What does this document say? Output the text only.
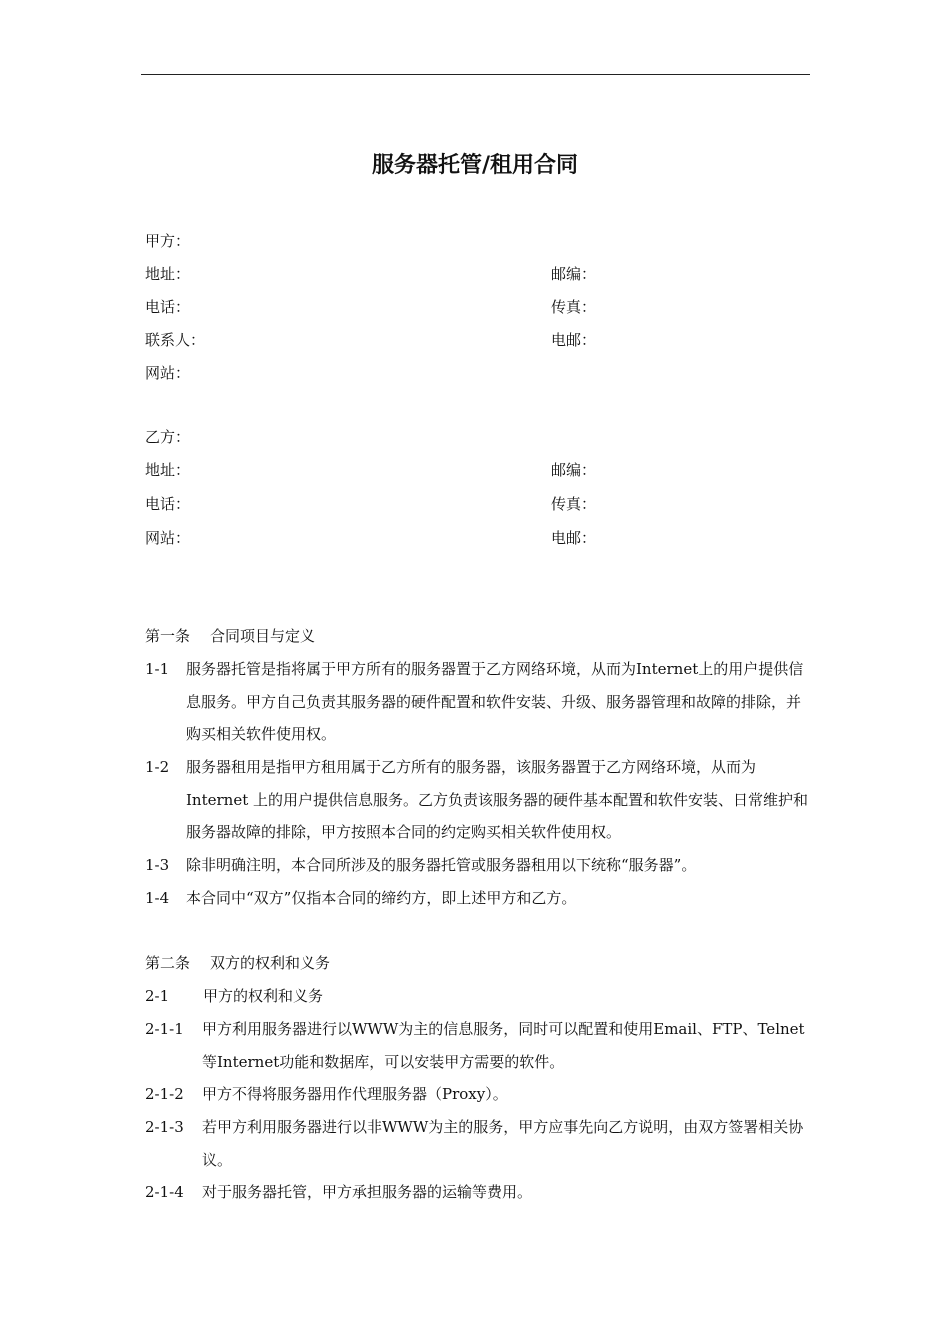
服务器托管/租用合同
甲方：
地址：	邮编：
电话：	传真：
联系人：	电邮：
网站：
乙方：
地址：	邮编：
电话：	传真：
网站：	电邮：
第一条 合同项目与定义
1-1 服务器托管是指将属于甲方所有的服务器置于乙方网络环境，从而为Internet上的用户提供信息服务。甲方自己负责其服务器的硬件配置和软件安装、升级、服务器管理和故障的排除，并购买相关软件使用权。
1-2 服务器租用是指甲方租用属于乙方所有的服务器，该服务器置于乙方网络环境，从而为Internet 上的用户提供信息服务。乙方负责该服务器的硬件基本配置和软件安装、日常维护和服务器故障的排除，甲方按照本合同的约定购买相关软件使用权。
1-3 除非明确注明，本合同所涉及的服务器托管或服务器租用以下统称“服务器”。
1-4 本合同中“双方”仅指本合同的缔约方，即上述甲方和乙方。
第二条 双方的权利和义务
2-1 甲方的权利和义务
2-1-1 甲方利用服务器进行以WWW为主的信息服务，同时可以配置和使用Email、FTP、Telnet等Internet功能和数据库，可以安装甲方需要的软件。
2-1-2 甲方不得将服务器用作代理服务器（Proxy）。
2-1-3 若甲方利用服务器进行以非WWW为主的服务，甲方应事先向乙方说明，由双方签署相关协议。
2-1-4 对于服务器托管，甲方承担服务器的运输等费用。
